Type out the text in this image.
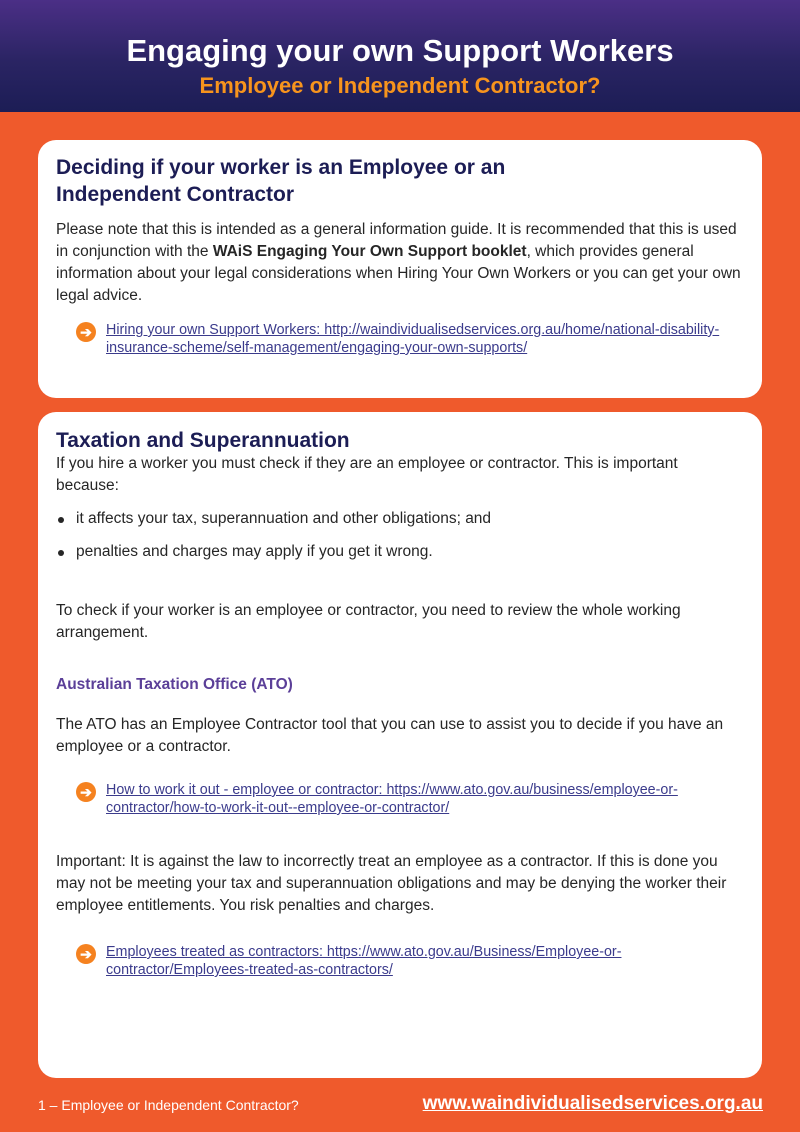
Engaging your own Support Workers
Employee or Independent Contractor?
Deciding if your worker is an Employee or an Independent Contractor

Please note that this is intended as a general information guide. It is recommended that this is used in conjunction with the WAiS Engaging Your Own Support booklet, which provides general information about your legal considerations when Hiring Your Own Workers or you can get your own legal advice.

➔ Hiring your own Support Workers: http://waindividualisedservices.org.au/home/national-disability-insurance-scheme/self-management/engaging-your-own-supports/
Taxation and Superannuation

If you hire a worker you must check if they are an employee or contractor. This is important because:

it affects your tax, superannuation and other obligations; and
penalties and charges may apply if you get it wrong.

To check if your worker is an employee or contractor, you need to review the whole working arrangement.

Australian Taxation Office (ATO)

The ATO has an Employee Contractor tool that you can use to assist you to decide if you have an employee or a contractor.

➔ How to work it out - employee or contractor: https://www.ato.gov.au/business/employee-or-contractor/how-to-work-it-out--employee-or-contractor/

Important: It is against the law to incorrectly treat an employee as a contractor. If this is done you may not be meeting your tax and superannuation obligations and may be denying the worker their employee entitlements. You risk penalties and charges.

➔ Employees treated as contractors: https://www.ato.gov.au/Business/Employee-or-contractor/Employees-treated-as-contractors/
1 – Employee or Independent Contractor?	www.waindividualisedservices.org.au
